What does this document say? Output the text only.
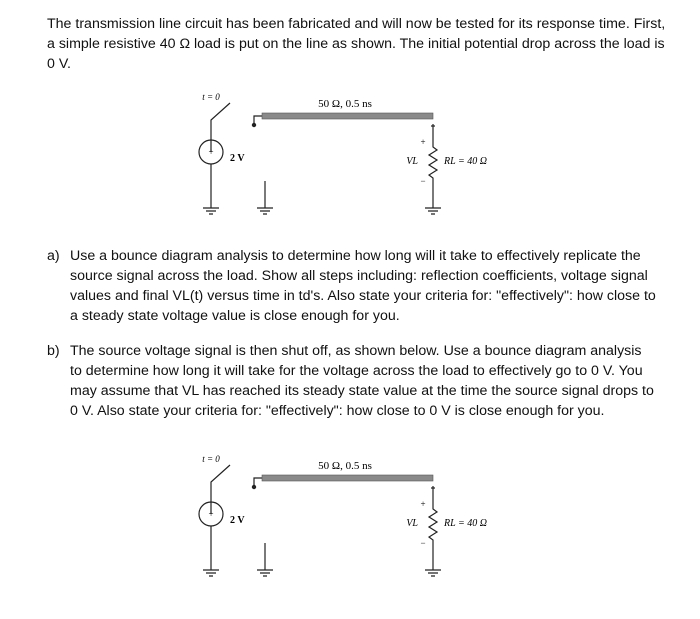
The transmission line circuit has been fabricated and will now be tested for its response time. First, a simple resistive 40 Ω load is put on the line as shown. The initial potential drop across the load is 0 V.

t = 0
50 Ω, 0.5 ns
+
2 V
+
VL
−
RL = 40 Ω
a) Use a bounce diagram analysis to determine how long will it take to effectively replicate the source signal across the load. Show all steps including: reflection coefficients, voltage signal values and final VL(t) versus time in td's. Also state your criteria for: "effectively": how close to a steady state voltage value is close enough for you.
b) The source voltage signal is then shut off, as shown below. Use a bounce diagram analysis to determine how long it will take for the voltage across the load to effectively go to 0 V. You may assume that VL has reached its steady state value at the time the source signal drops to 0 V. Also state your criteria for: "effectively": how close to 0 V is close enough for you.
t = 0
50 Ω, 0.5 ns
+
2 V
+
VL
−
RL = 40 Ω
